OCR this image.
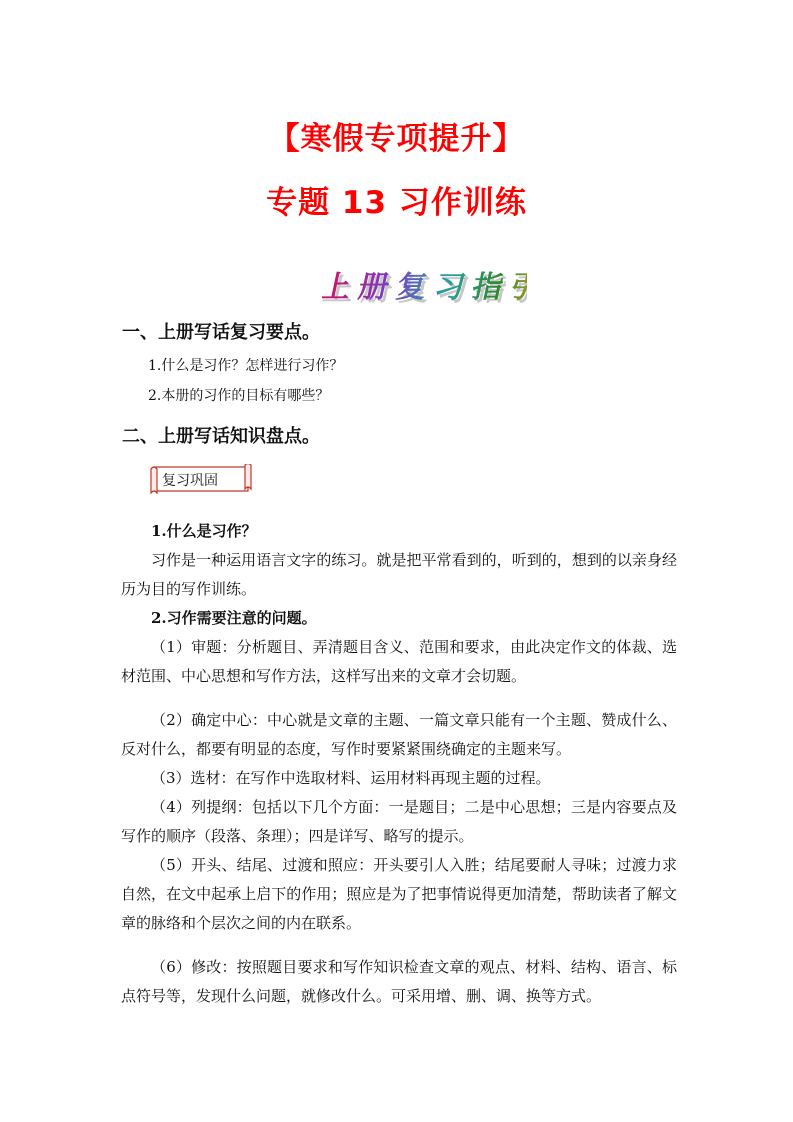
【寒假专项提升】
专题 13 习作训练
上册复习指引
上册复习指引
一、上册写话复习要点。

1.什么是习作？怎样进行习作？

2.本册的习作的目标有哪些？

二、上册写话知识盘点。
复习巩固

1.什么是习作？

习作是一种运用语言文字的练习。就是把平常看到的，听到的，想到的以亲身经历为目的写作训练。

2.习作需要注意的问题。

（1）审题：分析题目、弄清题目含义、范围和要求，由此决定作文的体裁、选材范围、中心思想和写作方法，这样写出来的文章才会切题。

（2）确定中心：中心就是文章的主题、一篇文章只能有一个主题、赞成什么、反对什么，都要有明显的态度，写作时要紧紧围绕确定的主题来写。

（3）选材：在写作中选取材料、运用材料再现主题的过程。

（4）列提纲：包括以下几个方面：一是题目；二是中心思想；三是内容要点及写作的顺序（段落、条理）；四是详写、略写的提示。

（5）开头、结尾、过渡和照应：开头要引人入胜；结尾要耐人寻味；过渡力求自然，在文中起承上启下的作用；照应是为了把事情说得更加清楚，帮助读者了解文章的脉络和个层次之间的内在联系。

（6）修改：按照题目要求和写作知识检查文章的观点、材料、结构、语言、标点符号等，发现什么问题，就修改什么。可采用增、删、调、换等方式。
